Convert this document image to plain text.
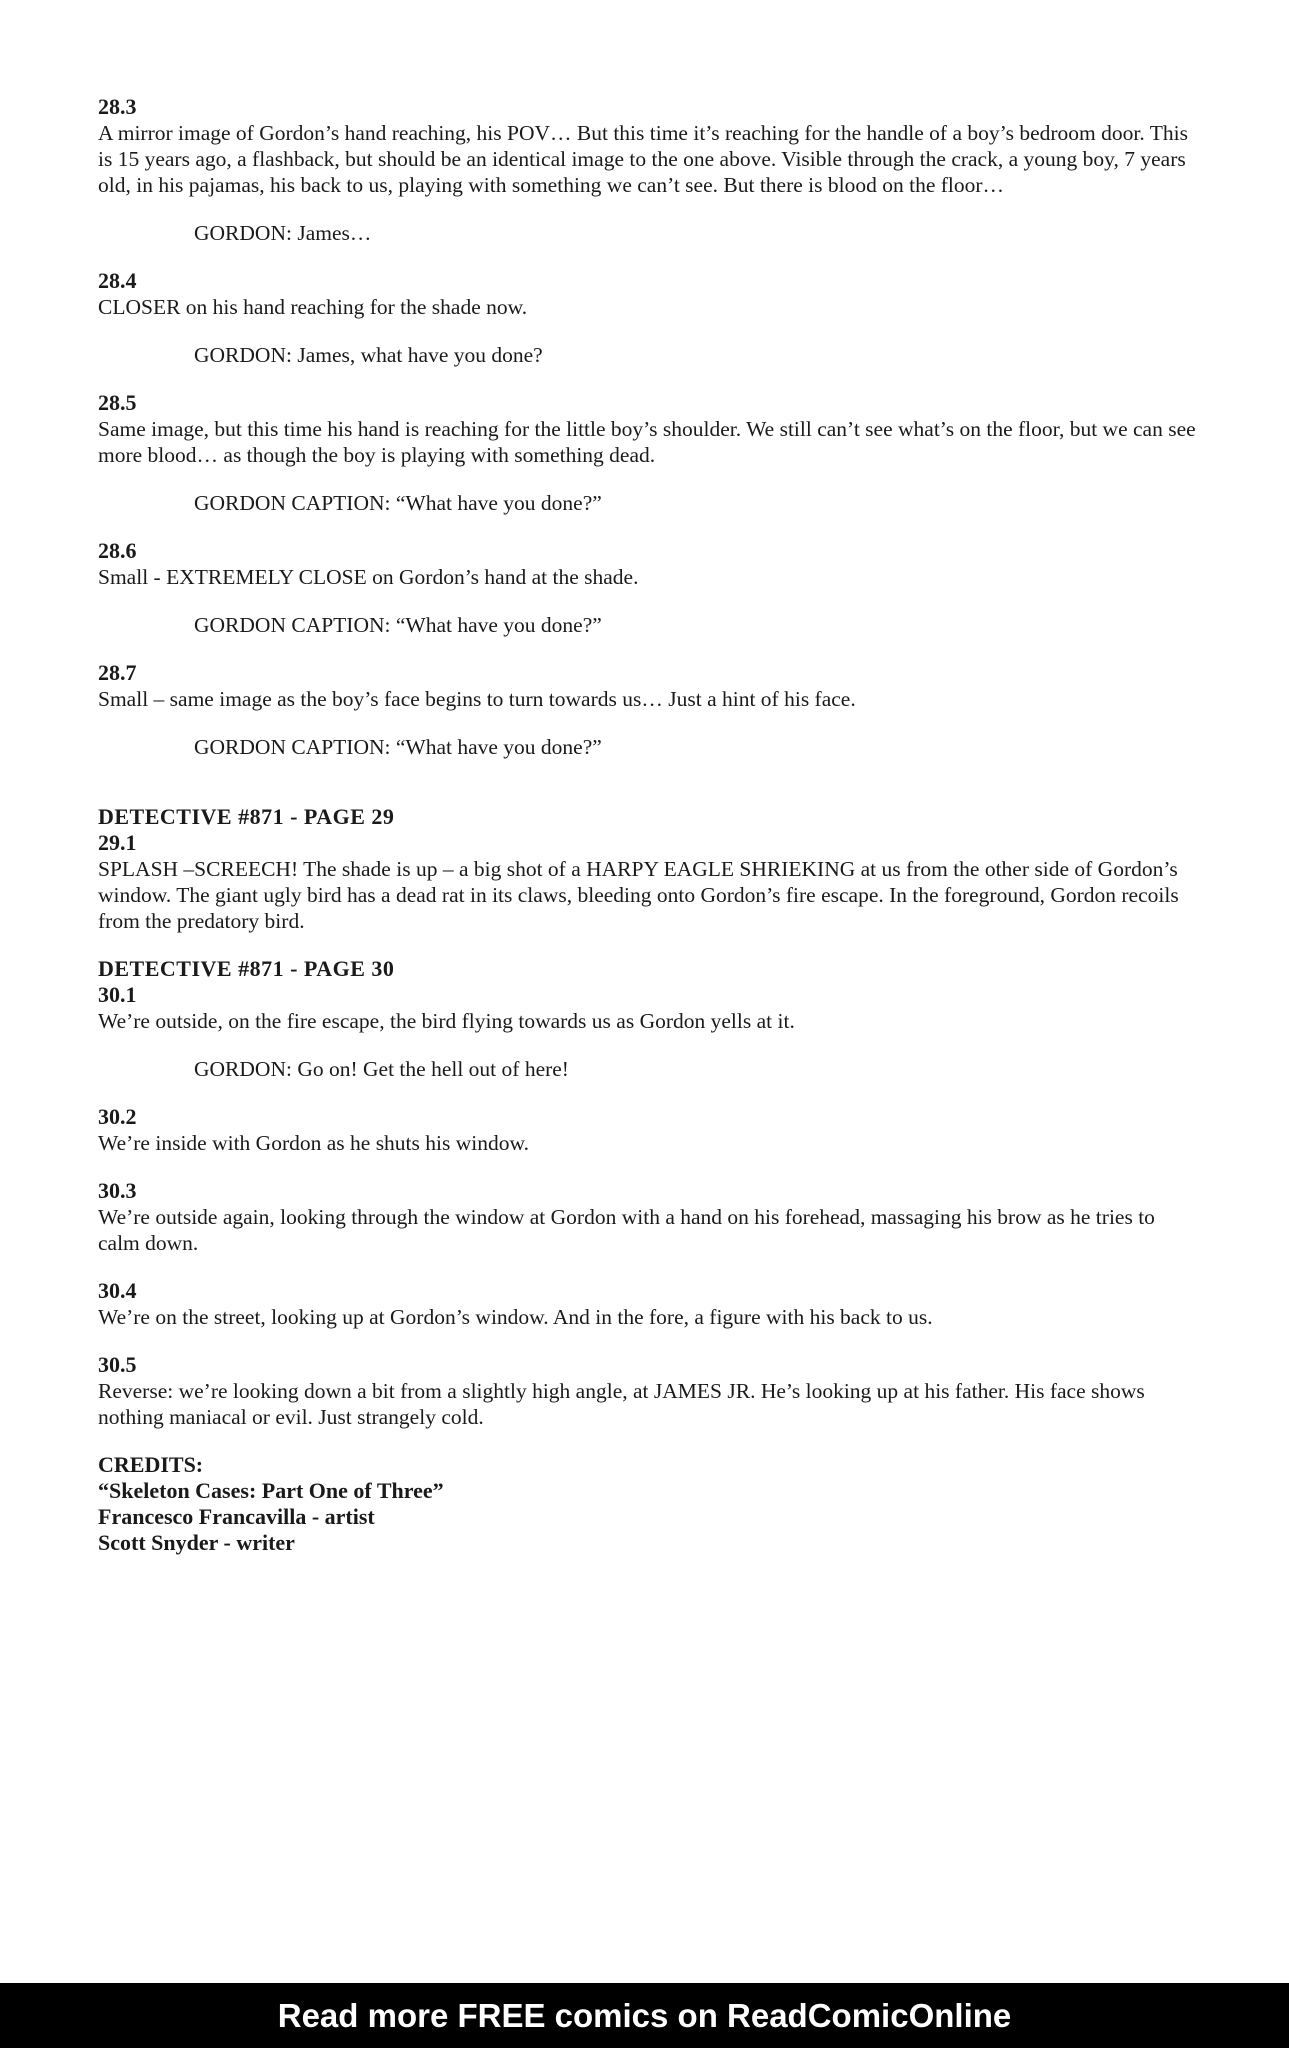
28.3

A mirror image of Gordon’s hand reaching, his POV… But this time it’s reaching for the handle of a boy’s bedroom door. This is 15 years ago, a flashback, but should be an identical image to the one above. Visible through the crack, a young boy, 7 years old, in his pajamas, his back to us, playing with something we can’t see. But there is blood on the floor…

GORDON: James…

28.4

CLOSER on his hand reaching for the shade now.

GORDON: James, what have you done?

28.5

Same image, but this time his hand is reaching for the little boy’s shoulder. We still can’t see what’s on the floor, but we can see more blood… as though the boy is playing with something dead.

GORDON CAPTION: “What have you done?”

28.6

Small - EXTREMELY CLOSE on Gordon’s hand at the shade.

GORDON CAPTION: “What have you done?”

28.7

Small – same image as the boy’s face begins to turn towards us… Just a hint of his face.

GORDON CAPTION: “What have you done?”

DETECTIVE #871 - PAGE 29

29.1

SPLASH –SCREECH! The shade is up – a big shot of a HARPY EAGLE SHRIEKING at us from the other side of Gordon’s window. The giant ugly bird has a dead rat in its claws, bleeding onto Gordon’s fire escape. In the foreground, Gordon recoils from the predatory bird.

DETECTIVE #871 - PAGE 30

30.1

We’re outside, on the fire escape, the bird flying towards us as Gordon yells at it.

GORDON: Go on! Get the hell out of here!

30.2

We’re inside with Gordon as he shuts his window.

30.3

We’re outside again, looking through the window at Gordon with a hand on his forehead, massaging his brow as he tries to calm down.

30.4

We’re on the street, looking up at Gordon’s window. And in the fore, a figure with his back to us.

30.5

Reverse: we’re looking down a bit from a slightly high angle, at JAMES JR. He’s looking up at his father. His face shows nothing maniacal or evil. Just strangely cold.

CREDITS:
“Skeleton Cases: Part One of Three”
Francesco Francavilla - artist
Scott Snyder - writer
Read more FREE comics on ReadComicOnline
